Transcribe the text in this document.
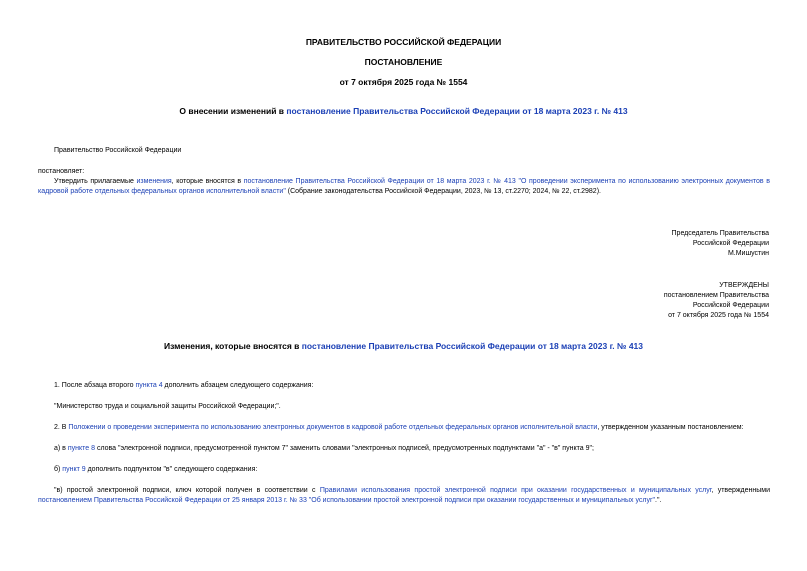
ПРАВИТЕЛЬСТВО РОССИЙСКОЙ ФЕДЕРАЦИИ
ПОСТАНОВЛЕНИЕ
от 7 октября 2025 года № 1554
О внесении изменений в постановление Правительства Российской Федерации от 18 марта 2023 г. № 413
Правительство Российской Федерации
постановляет:
Утвердить прилагаемые изменения, которые вносятся в постановление Правительства Российской Федерации от 18 марта 2023 г. № 413 "О проведении эксперимента по использованию электронных документов в кадровой работе отдельных федеральных органов исполнительной власти" (Собрание законодательства Российской Федерации, 2023, № 13, ст.2270; 2024, № 22, ст.2982).
Председатель Правительства
Российской Федерации
М.Мишустин
УТВЕРЖДЕНЫ
постановлением Правительства
Российской Федерации
от 7 октября 2025 года № 1554
Изменения, которые вносятся в постановление Правительства Российской Федерации от 18 марта 2023 г. № 413
1. После абзаца второго пункта 4 дополнить абзацем следующего содержания:
"Министерство труда и социальной защиты Российской Федерации;".
2. В Положении о проведении эксперимента по использованию электронных документов в кадровой работе отдельных федеральных органов исполнительной власти, утвержденном указанным постановлением:
а) в пункте 8 слова "электронной подписи, предусмотренной пунктом 7" заменить словами "электронных подписей, предусмотренных подпунктами "а" - "в" пункта 9";
б) пункт 9 дополнить подпунктом "в" следующего содержания:
"в) простой электронной подписи, ключ которой получен в соответствии с Правилами использования простой электронной подписи при оказании государственных и муниципальных услуг, утвержденными постановлением Правительства Российской Федерации от 25 января 2013 г. № 33 "Об использовании простой электронной подписи при оказании государственных и муниципальных услуг".".
